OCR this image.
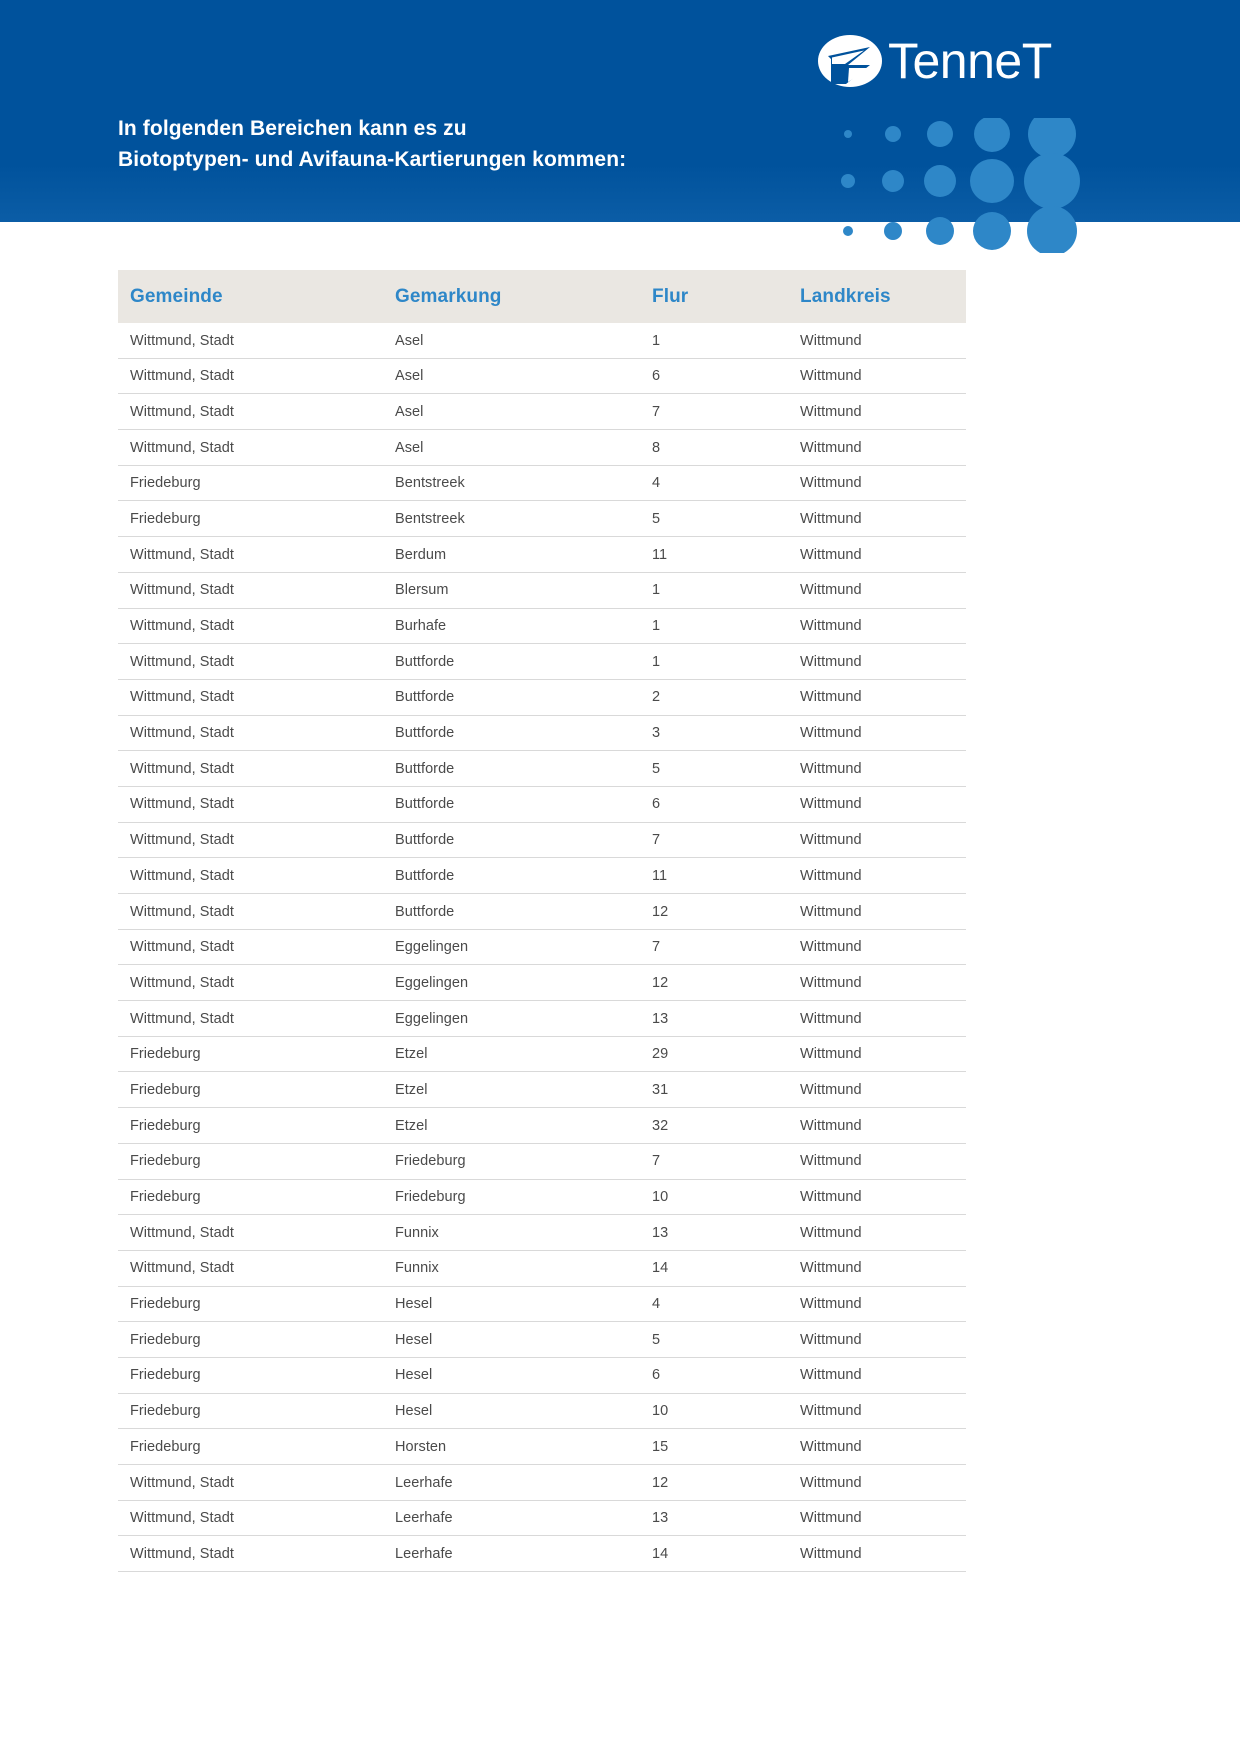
TenneT
In folgenden Bereichen kann es zu
Biotoptypen- und Avifauna-Kartierungen kommen:
Gemeinde	Gemarkung	Flur	Landkreis
Wittmund, Stadt	Asel	1	Wittmund
Wittmund, Stadt	Asel	6	Wittmund
Wittmund, Stadt	Asel	7	Wittmund
Wittmund, Stadt	Asel	8	Wittmund
Friedeburg	Bentstreek	4	Wittmund
Friedeburg	Bentstreek	5	Wittmund
Wittmund, Stadt	Berdum	11	Wittmund
Wittmund, Stadt	Blersum	1	Wittmund
Wittmund, Stadt	Burhafe	1	Wittmund
Wittmund, Stadt	Buttforde	1	Wittmund
Wittmund, Stadt	Buttforde	2	Wittmund
Wittmund, Stadt	Buttforde	3	Wittmund
Wittmund, Stadt	Buttforde	5	Wittmund
Wittmund, Stadt	Buttforde	6	Wittmund
Wittmund, Stadt	Buttforde	7	Wittmund
Wittmund, Stadt	Buttforde	11	Wittmund
Wittmund, Stadt	Buttforde	12	Wittmund
Wittmund, Stadt	Eggelingen	7	Wittmund
Wittmund, Stadt	Eggelingen	12	Wittmund
Wittmund, Stadt	Eggelingen	13	Wittmund
Friedeburg	Etzel	29	Wittmund
Friedeburg	Etzel	31	Wittmund
Friedeburg	Etzel	32	Wittmund
Friedeburg	Friedeburg	7	Wittmund
Friedeburg	Friedeburg	10	Wittmund
Wittmund, Stadt	Funnix	13	Wittmund
Wittmund, Stadt	Funnix	14	Wittmund
Friedeburg	Hesel	4	Wittmund
Friedeburg	Hesel	5	Wittmund
Friedeburg	Hesel	6	Wittmund
Friedeburg	Hesel	10	Wittmund
Friedeburg	Horsten	15	Wittmund
Wittmund, Stadt	Leerhafe	12	Wittmund
Wittmund, Stadt	Leerhafe	13	Wittmund
Wittmund, Stadt	Leerhafe	14	Wittmund
